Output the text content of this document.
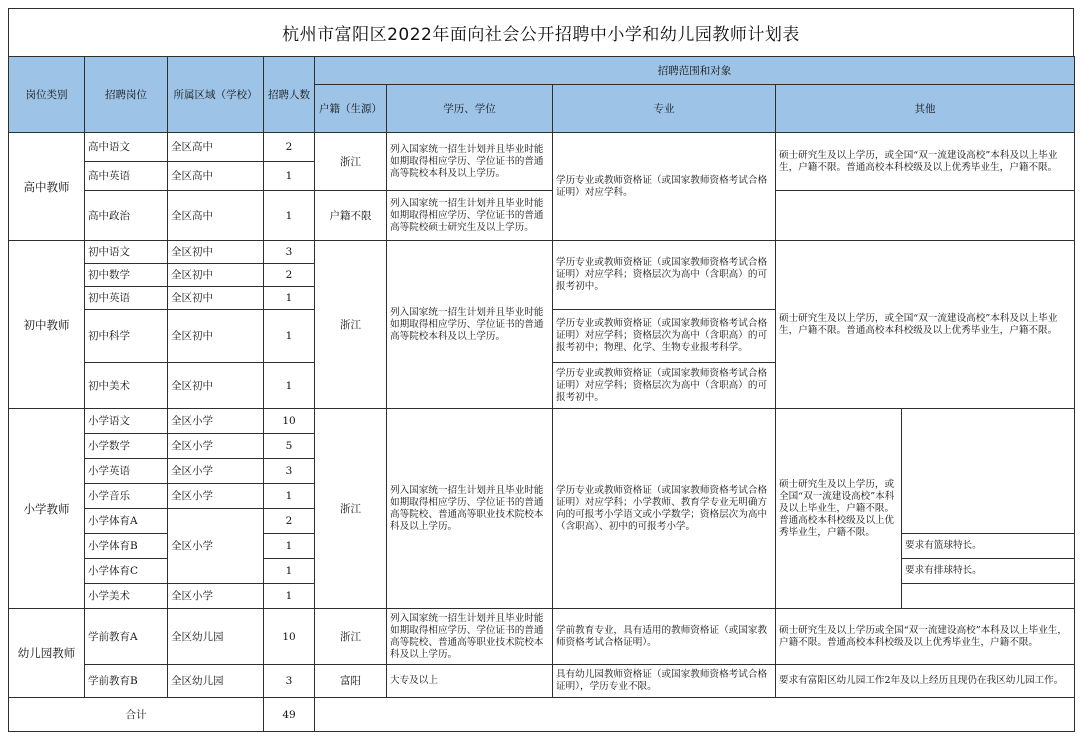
杭州市富阳区2022年面向社会公开招聘中小学和幼儿园教师计划表
岗位类别	招聘岗位	所属区域（学校）	招聘人数	招聘范围和对象				
				户籍（生源）	学历、学位	专业	其他	
高中教师	高中语文	全区高中	2	浙江	列入国家统一招生计划并且毕业时能如期取得相应学历、学位证书的普通高等院校本科及以上学历。	学历专业或教师资格证（或国家教师资格考试合格证明）对应学科。	硕士研究生及以上学历，或全国“双一流建设高校”本科及以上毕业生，户籍不限。普通高校本科校级及以上优秀毕业生，户籍不限。	
	高中英语	全区高中	1					
	高中政治	全区高中	1	户籍不限	列入国家统一招生计划并且毕业时能如期取得相应学历、学位证书的普通高等院校硕士研究生及以上学历。			
初中教师	初中语文	全区初中	3	浙江	列入国家统一招生计划并且毕业时能如期取得相应学历、学位证书的普通高等院校本科及以上学历。	学历专业或教师资格证（或国家教师资格考试合格证明）对应学科；资格层次为高中（含职高）的可报考初中。	硕士研究生及以上学历，或全国“双一流建设高校”本科及以上毕业生，户籍不限。普通高校本科校级及以上优秀毕业生，户籍不限。	
	初中数学	全区初中	2					
	初中英语	全区初中	1					
	初中科学	全区初中	1			学历专业或教师资格证（或国家教师资格考试合格证明）对应学科；资格层次为高中（含职高）的可报考初中；物理、化学、生物专业报考科学。		
	初中美术	全区初中	1			学历专业或教师资格证（或国家教师资格考试合格证明）对应学科；资格层次为高中（含职高）的可报考初中。		
小学教师	小学语文	全区小学	10	浙江	列入国家统一招生计划并且毕业时能如期取得相应学历、学位证书的普通高等院校、普通高等职业技术院校本科及以上学历。	学历专业或教师资格证（或国家教师资格考试合格证明）对应学科；小学教师、教育学专业无明确方向的可报考小学语文或小学数学；资格层次为高中（含职高）、初中的可报考小学。	硕士研究生及以上学历，或全国“双一流建设高校”本科及以上毕业生，户籍不限。普通高校本科校级及以上优秀毕业生，户籍不限。	
	小学数学	全区小学	5					
	小学英语	全区小学	3					
	小学音乐	全区小学	1					
	小学体育A	全区小学	2					
	小学体育B		1					要求有篮球特长。
	小学体育C		1					要求有排球特长。
	小学美术	全区小学	1					
幼儿园教师	学前教育A	全区幼儿园	10	浙江	列入国家统一招生计划并且毕业时能如期取得相应学历、学位证书的普通高等院校、普通高等职业技术院校本科及以上学历。	学前教育专业，具有适用的教师资格证（或国家教师资格考试合格证明）。	硕士研究生及以上学历或全国“双一流建设高校”本科及以上毕业生，户籍不限。普通高校本科校级及以上优秀毕业生，户籍不限。	
	学前教育B	全区幼儿园	3	富阳	大专及以上	具有幼儿园教师资格证（或国家教师资格考试合格证明），学历专业不限。	要求有富阳区幼儿园工作2年及以上经历且现仍在我区幼儿园工作。	
合计			49					
